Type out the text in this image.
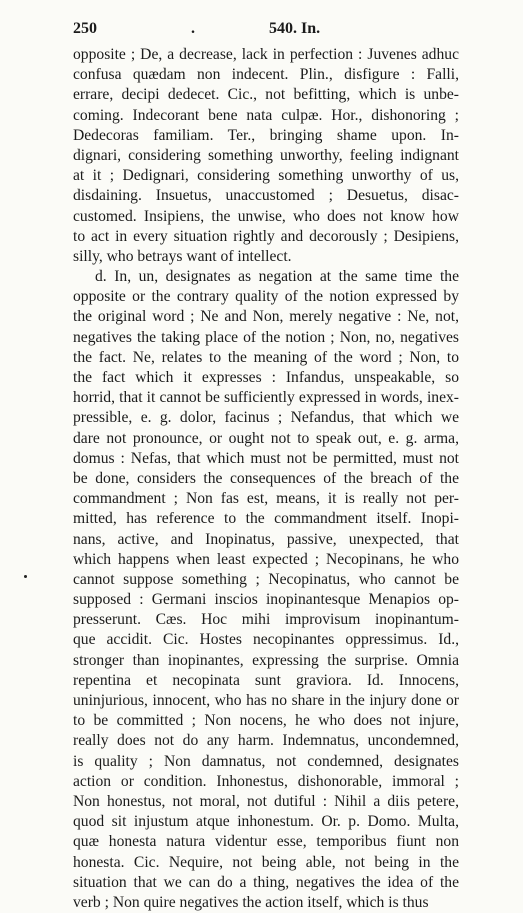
250	.	540. In.
opposite ; De, a decrease, lack in perfection : Juvenes adhuc
confusa quædam non indecent. Plin., disfigure : Falli,
errare, decipi dedecet. Cic., not befitting, which is unbe-
coming. Indecorant bene nata culpæ. Hor., dishonoring ;
Dedecoras familiam. Ter., bringing shame upon. In-
dignari, considering something unworthy, feeling indignant
at it ; Dedignari, considering something unworthy of us,
disdaining. Insuetus, unaccustomed ; Desuetus, disac-
customed. Insipiens, the unwise, who does not know how
to act in every situation rightly and decorously ; Desipiens,
silly, who betrays want of intellect.
d. In, un, designates as negation at the same time the
opposite or the contrary quality of the notion expressed by
the original word ; Ne and Non, merely negative : Ne, not,
negatives the taking place of the notion ; Non, no, negatives
the fact. Ne, relates to the meaning of the word ; Non, to
the fact which it expresses : Infandus, unspeakable, so
horrid, that it cannot be sufficiently expressed in words, inex-
pressible, e. g. dolor, facinus ; Nefandus, that which we
dare not pronounce, or ought not to speak out, e. g. arma,
domus : Nefas, that which must not be permitted, must not
be done, considers the consequences of the breach of the
commandment ; Non fas est, means, it is really not per-
mitted, has reference to the commandment itself. Inopi-
nans, active, and Inopinatus, passive, unexpected, that
which happens when least expected ; Necopinans, he who
cannot suppose something ; Necopinatus, who cannot be
supposed : Germani inscios inopinantesque Menapios op-
presserunt. Cæs. Hoc mihi improvisum inopinantum-
que accidit. Cic. Hostes necopinantes oppressimus. Id.,
stronger than inopinantes, expressing the surprise. Omnia
repentina et necopinata sunt graviora. Id. Innocens,
uninjurious, innocent, who has no share in the injury done or
to be committed ; Non nocens, he who does not injure,
really does not do any harm. Indemnatus, uncondemned,
is quality ; Non damnatus, not condemned, designates
action or condition. Inhonestus, dishonorable, immoral ;
Non honestus, not moral, not dutiful : Nihil a diis petere,
quod sit injustum atque inhonestum. Or. p. Domo. Multa,
quæ honesta natura videntur esse, temporibus fiunt non
honesta. Cic. Nequire, not being able, not being in the
situation that we can do a thing, negatives the idea of the
verb ; Non quire negatives the action itself, which is thus
